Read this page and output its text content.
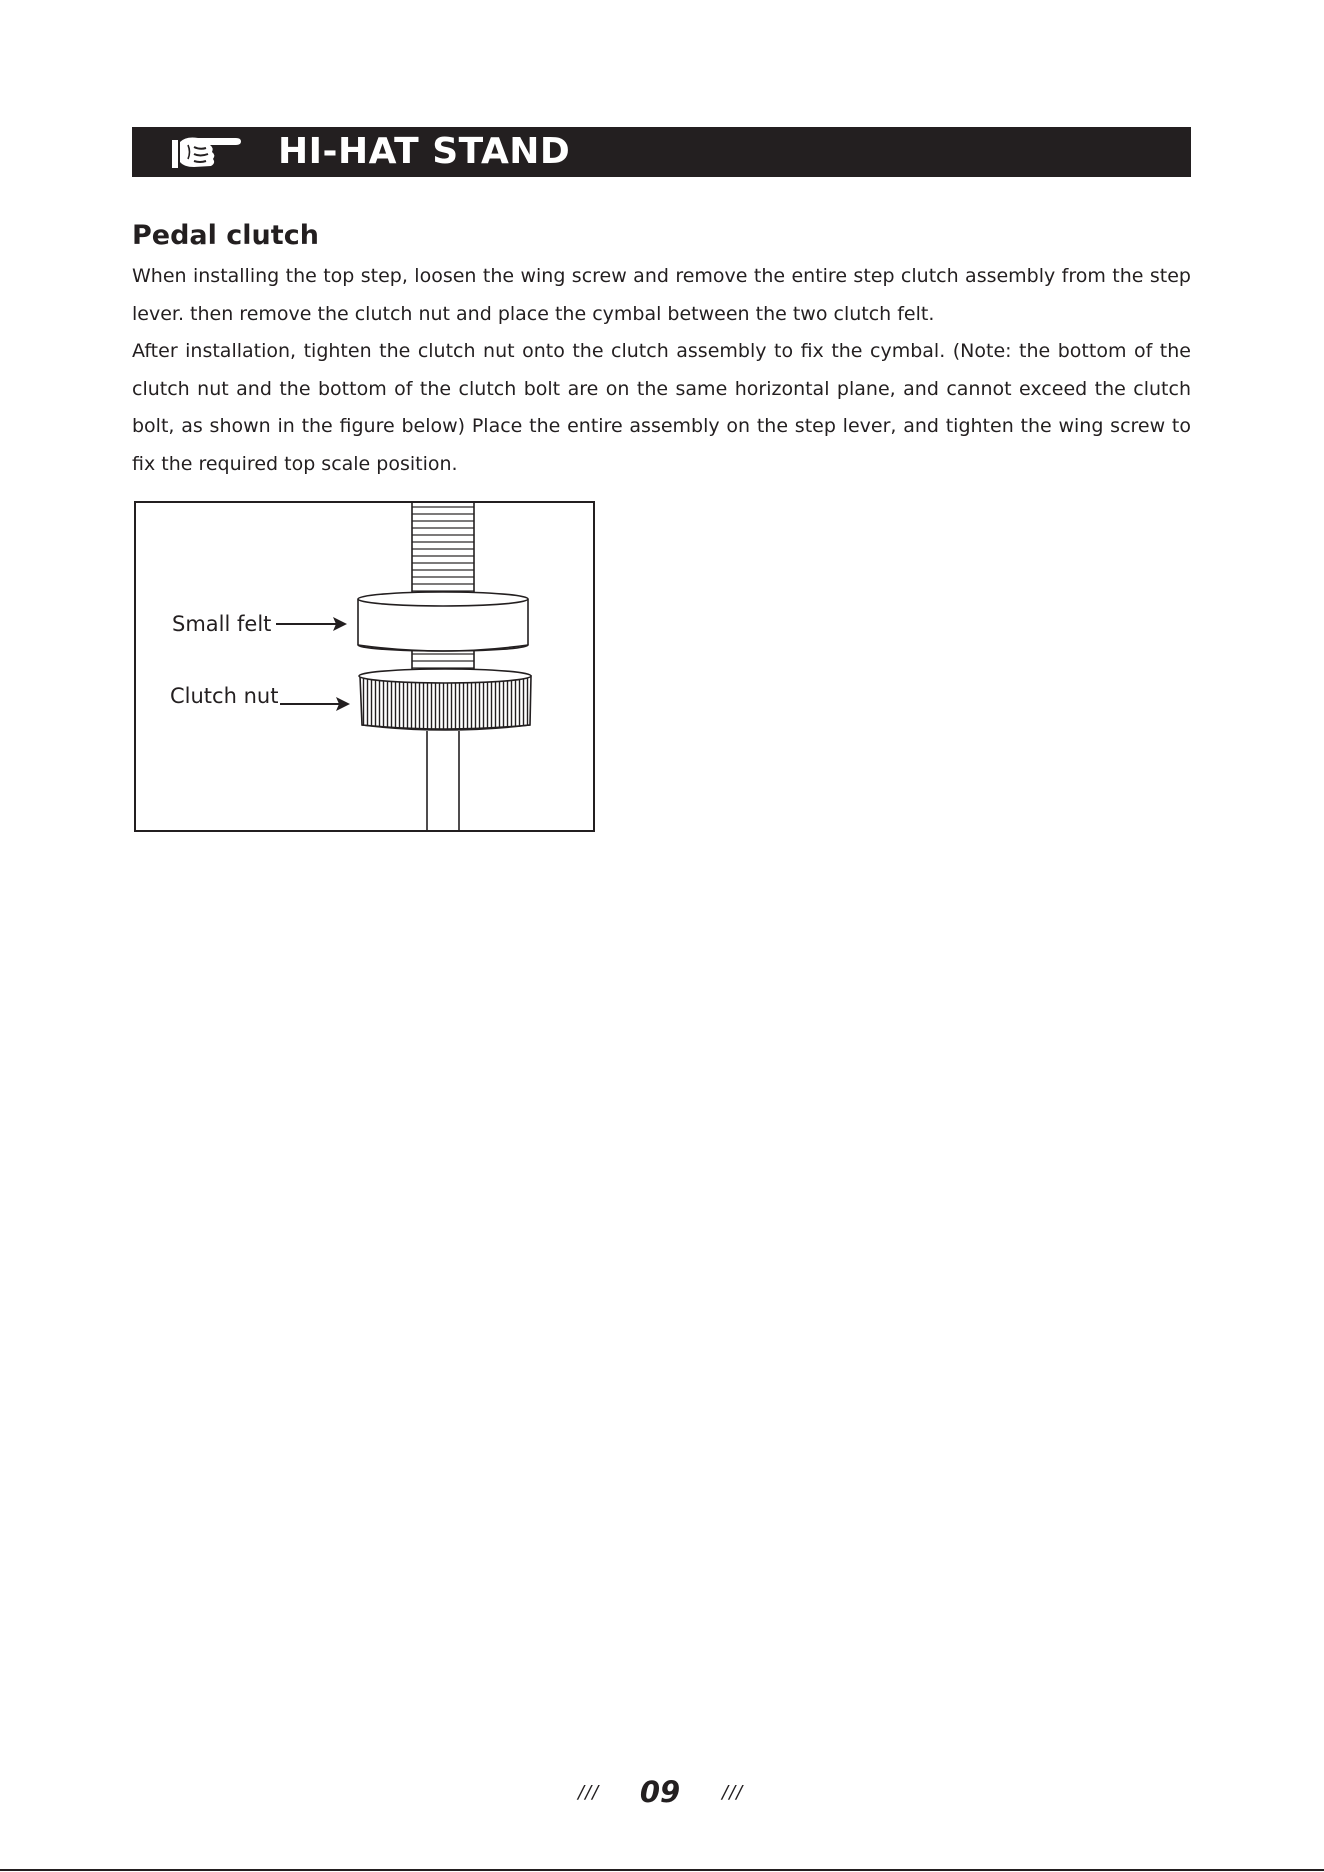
HI-HAT STAND
Pedal clutch

When installing the top step, loosen the wing screw and remove the entire step clutch assembly from the step lever. then remove the clutch nut and place the cymbal between the two clutch felt.

After installation, tighten the clutch nut onto the clutch assembly to fix the cymbal. (Note: the bottom of the clutch nut and the bottom of the clutch bolt are on the same horizontal plane, and cannot exceed the clutch bolt, as shown in the figure below) Place the entire assembly on the step lever, and tighten the wing screw to fix the required top scale position.

Small felt
Clutch nut
///	09	///
